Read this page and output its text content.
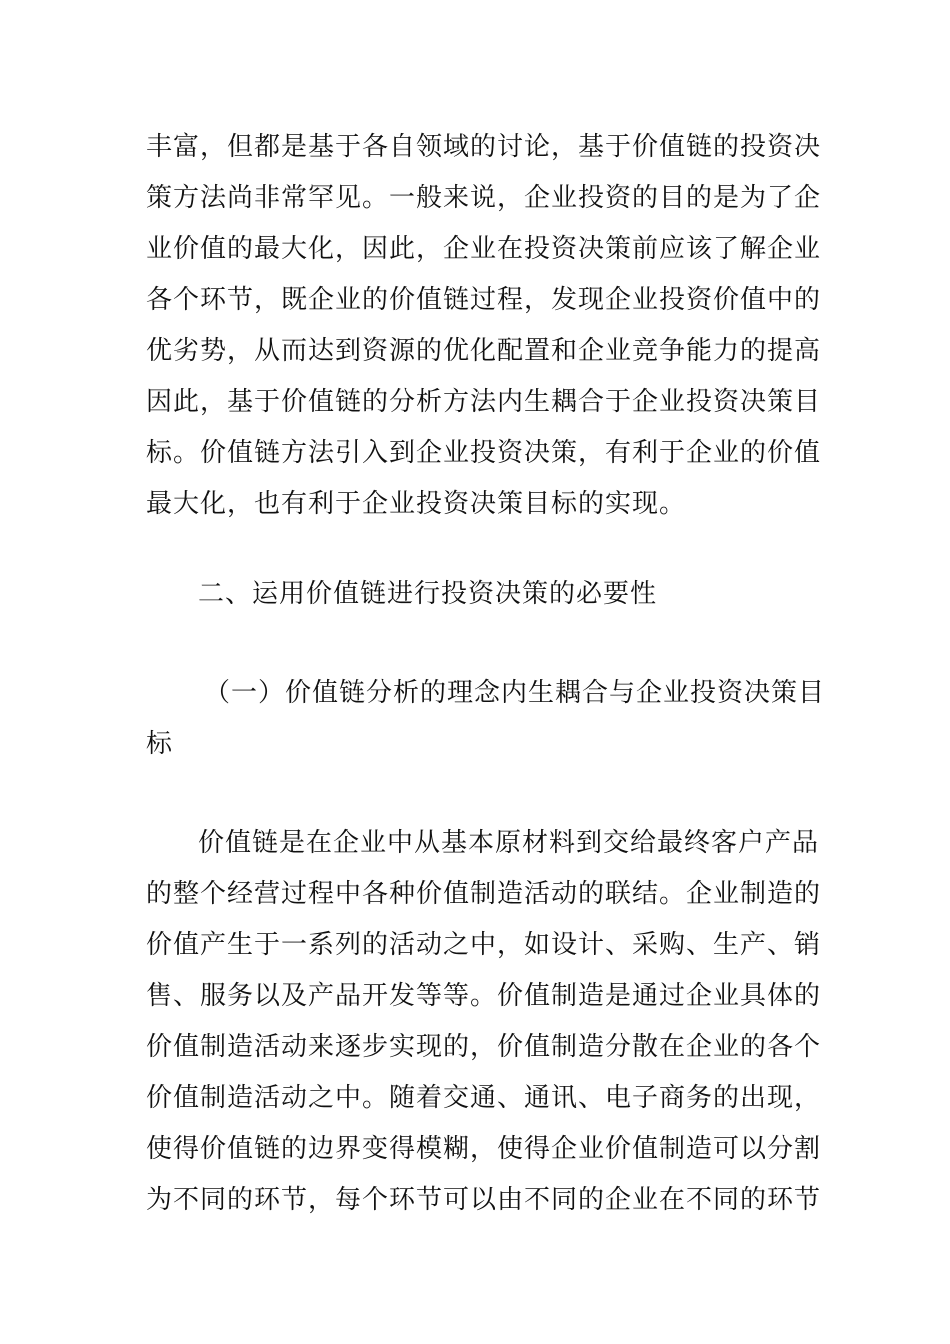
丰富，但都是基于各自领域的讨论，基于价值链的投资决
策方法尚非常罕见。一般来说，企业投资的目的是为了企
业价值的最大化，因此，企业在投资决策前应该了解企业
各个环节，既企业的价值链过程，发现企业投资价值中的
优劣势，从而达到资源的优化配置和企业竞争能力的提高
因此，基于价值链的分析方法内生耦合于企业投资决策目
标。价值链方法引入到企业投资决策，有利于企业的价值
最大化，也有利于企业投资决策目标的实现。
二、运用价值链进行投资决策的必要性
（一）价值链分析的理念内生耦合与企业投资决策目
标
价值链是在企业中从基本原材料到交给最终客户产品
的整个经营过程中各种价值制造活动的联结。企业制造的
价值产生于一系列的活动之中，如设计、采购、生产、销
售、服务以及产品开发等等。价值制造是通过企业具体的
价值制造活动来逐步实现的，价值制造分散在企业的各个
价值制造活动之中。随着交通、通讯、电子商务的出现，
使得价值链的边界变得模糊，使得企业价值制造可以分割
为不同的环节，每个环节可以由不同的企业在不同的环节
